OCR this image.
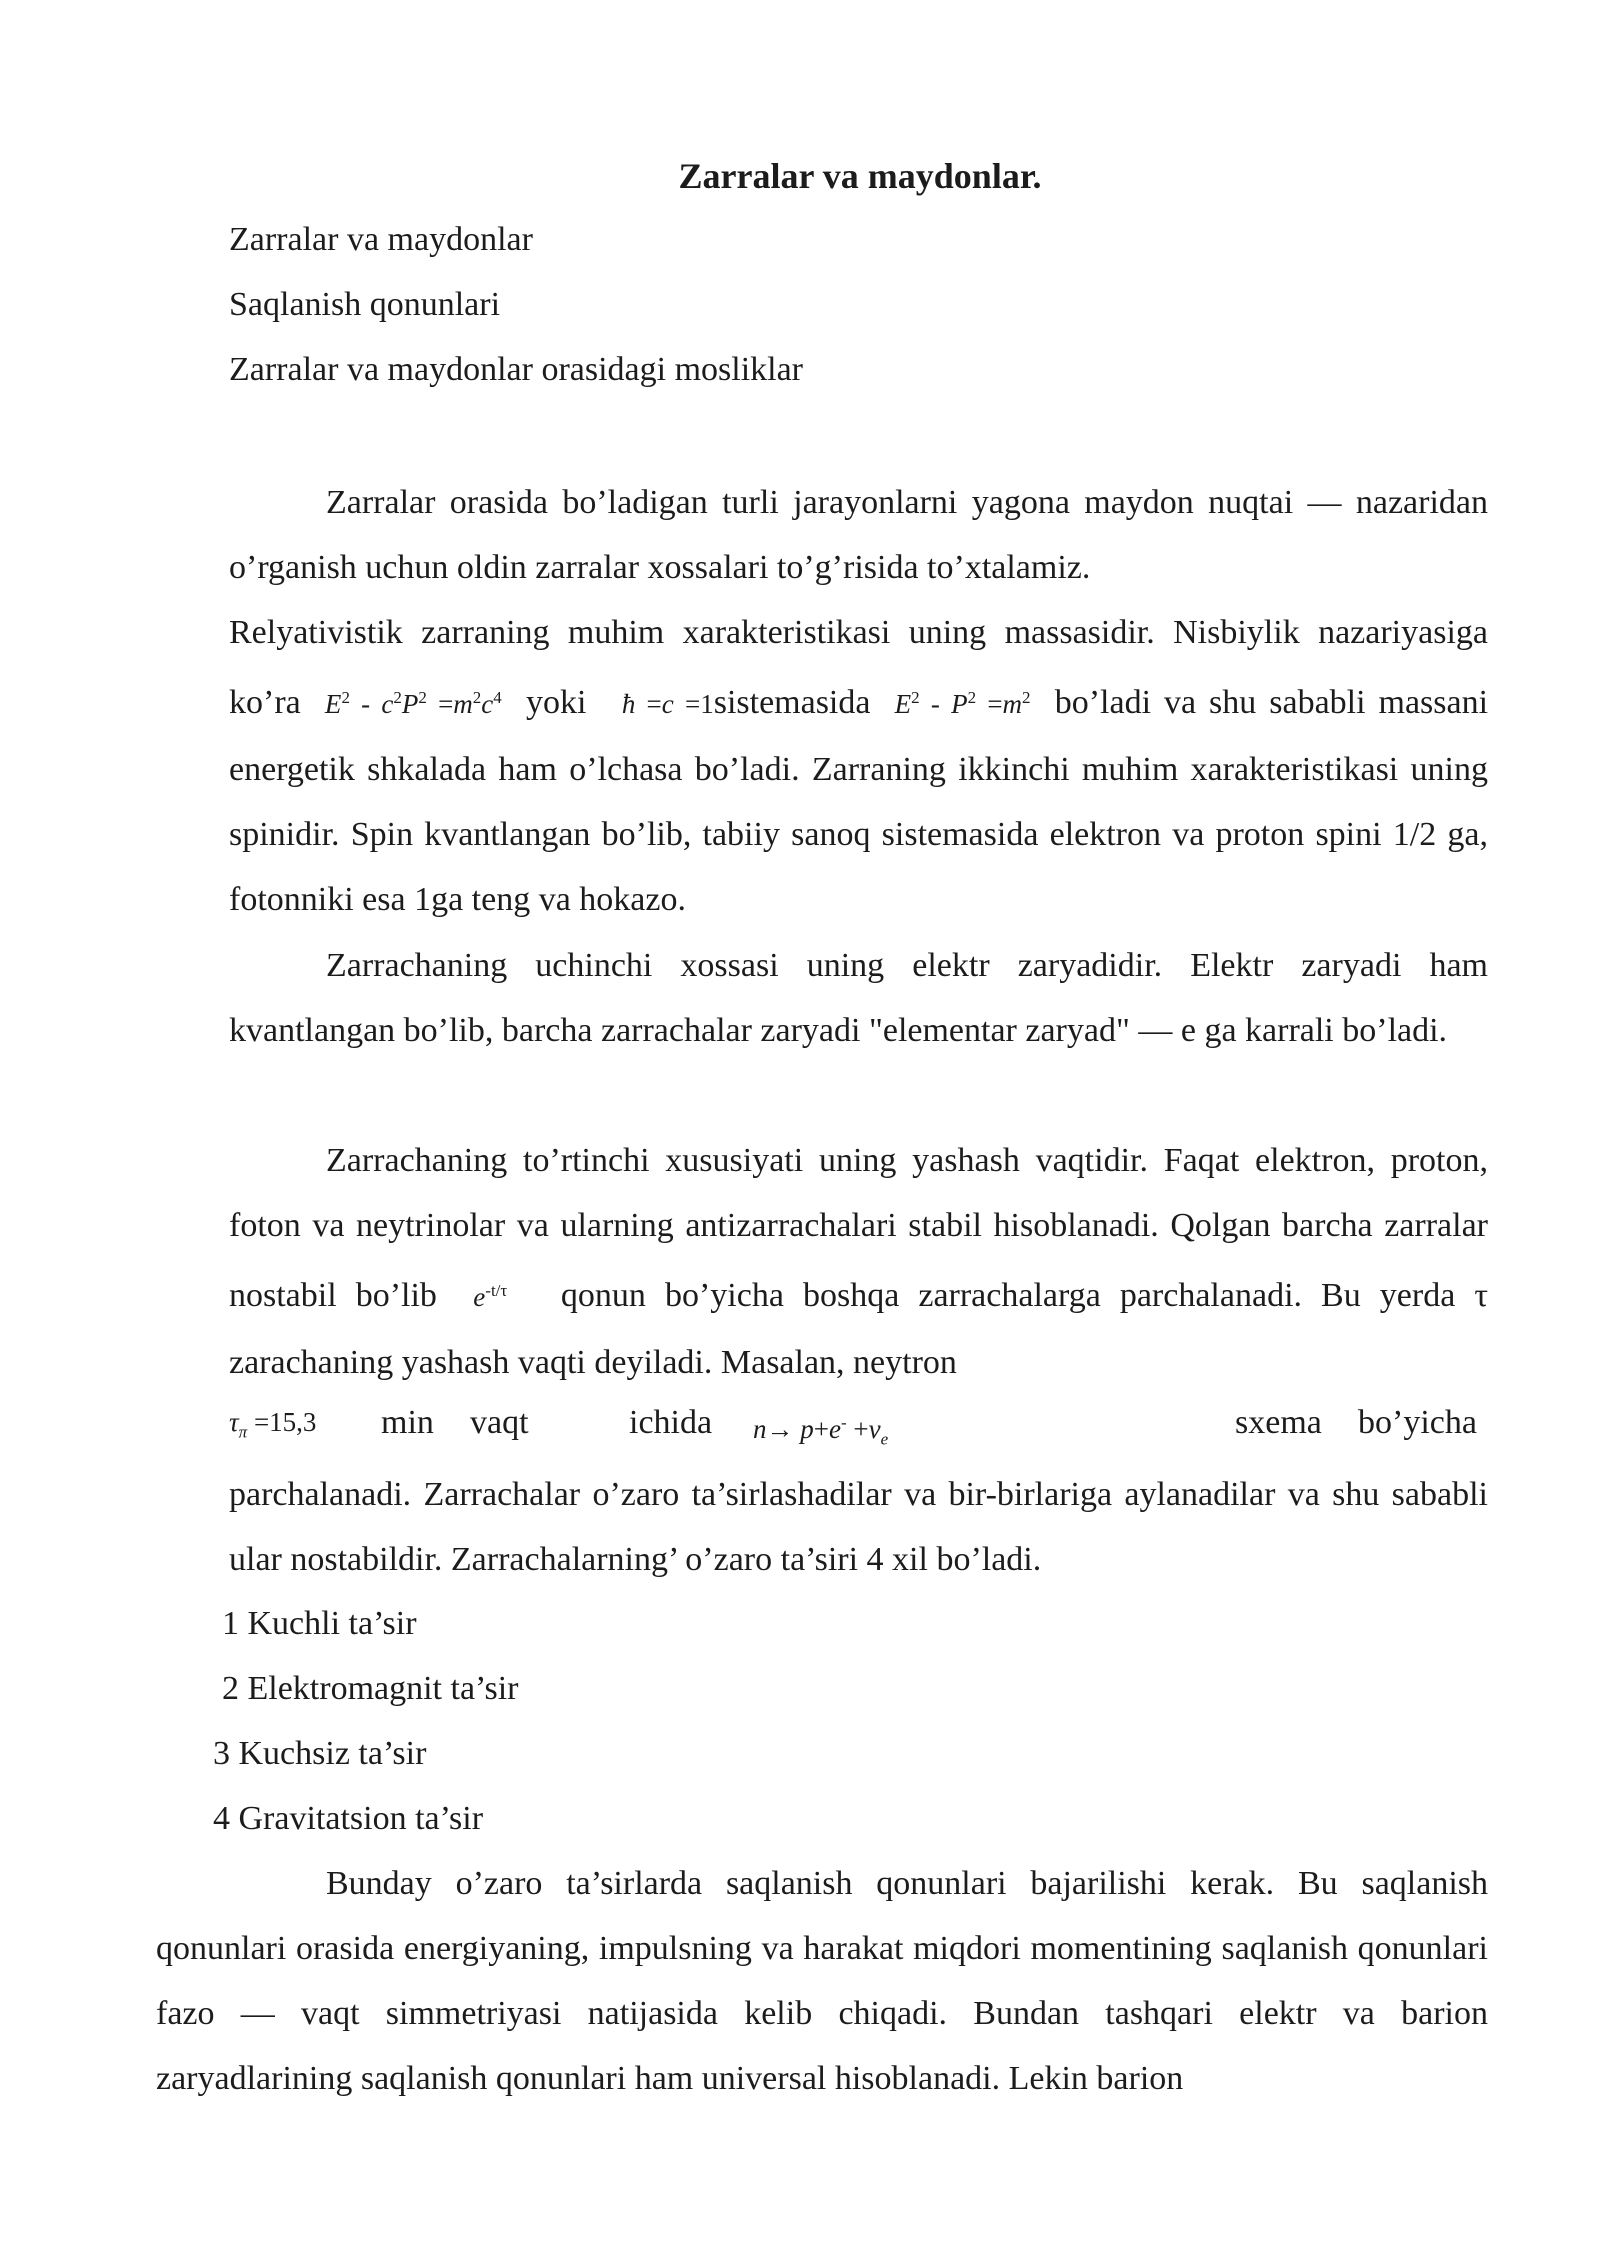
Zarralar va maydonlar.
Zarralar va maydonlar
Saqlanish qonunlari
Zarralar va maydonlar orasidagi mosliklar
Zarralar orasida bo’ladigan turli jarayonlarni yagona maydon nuqtai — nazaridan o’rganish uchun oldin zarralar xossalari to’g’risida to’xtalamiz.
Relyativistik zarraning muhim xarakteristikasi uning massasidir. Nisbiylik nazariyasiga ko’ra  $E^2 - c^2P^2 =m^2c^4$ yoki   ħ =c =1sistemasida  $E^2 - P^2 =m^2$ bo’ladi va shu sababli massani energetik shkalada ham o’lchasa bo’ladi. Zarraning ikkinchi muhim xarakteristikasi uning spinidir. Spin kvantlangan bo’lib, tabiiy sanoq sistemasida elektron va proton spini 1/2 ga, fotonniki esa 1ga teng va hokazo.
Zarrachaning uchinchi xossasi uning elektr zaryadidir. Elektr zaryadi ham kvantlangan bo’lib, barcha zarrachalar zaryadi "elementar zaryad" — e ga karrali bo’ladi.
Zarrachaning to’rtinchi xususiyati uning yashash vaqtidir. Faqat elektron, proton, foton va neytrinolar va ularning antizarrachalari stabil hisoblanadi. Qolgan barcha zarralar nostabil bo’lib  $e^{-t/\tau}$ qonun bo’yicha boshqa zarrachalarga parchalanadi. Bu yerda τ zarachaning yashash vaqti deyiladi. Masalan, neytron
$\tau_\pi =15,3$ min vaqt	ichida $n\to p+e^- +\nu_e$	sxema bo’yicha
parchalanadi. Zarrachalar o’zaro ta’sirlashadilar va bir-birlariga aylanadilar va shu sababli ular nostabildir. Zarrachalarning’ o’zaro ta’siri 4 xil bo’ladi.
1 Kuchli ta’sir
2 Elektromagnit ta’sir
3 Kuchsiz ta’sir
4 Gravitatsion ta’sir
Bunday o’zaro ta’sirlarda saqlanish qonunlari bajarilishi kerak. Bu saqlanish qonunlari orasida energiyaning, impulsning va harakat miqdori momentining saqlanish qonunlari fazo — vaqt simmetriyasi natijasida kelib chiqadi. Bundan tashqari elektr va barion zaryadlarining saqlanish qonunlari ham universal hisoblanadi. Lekin barion
